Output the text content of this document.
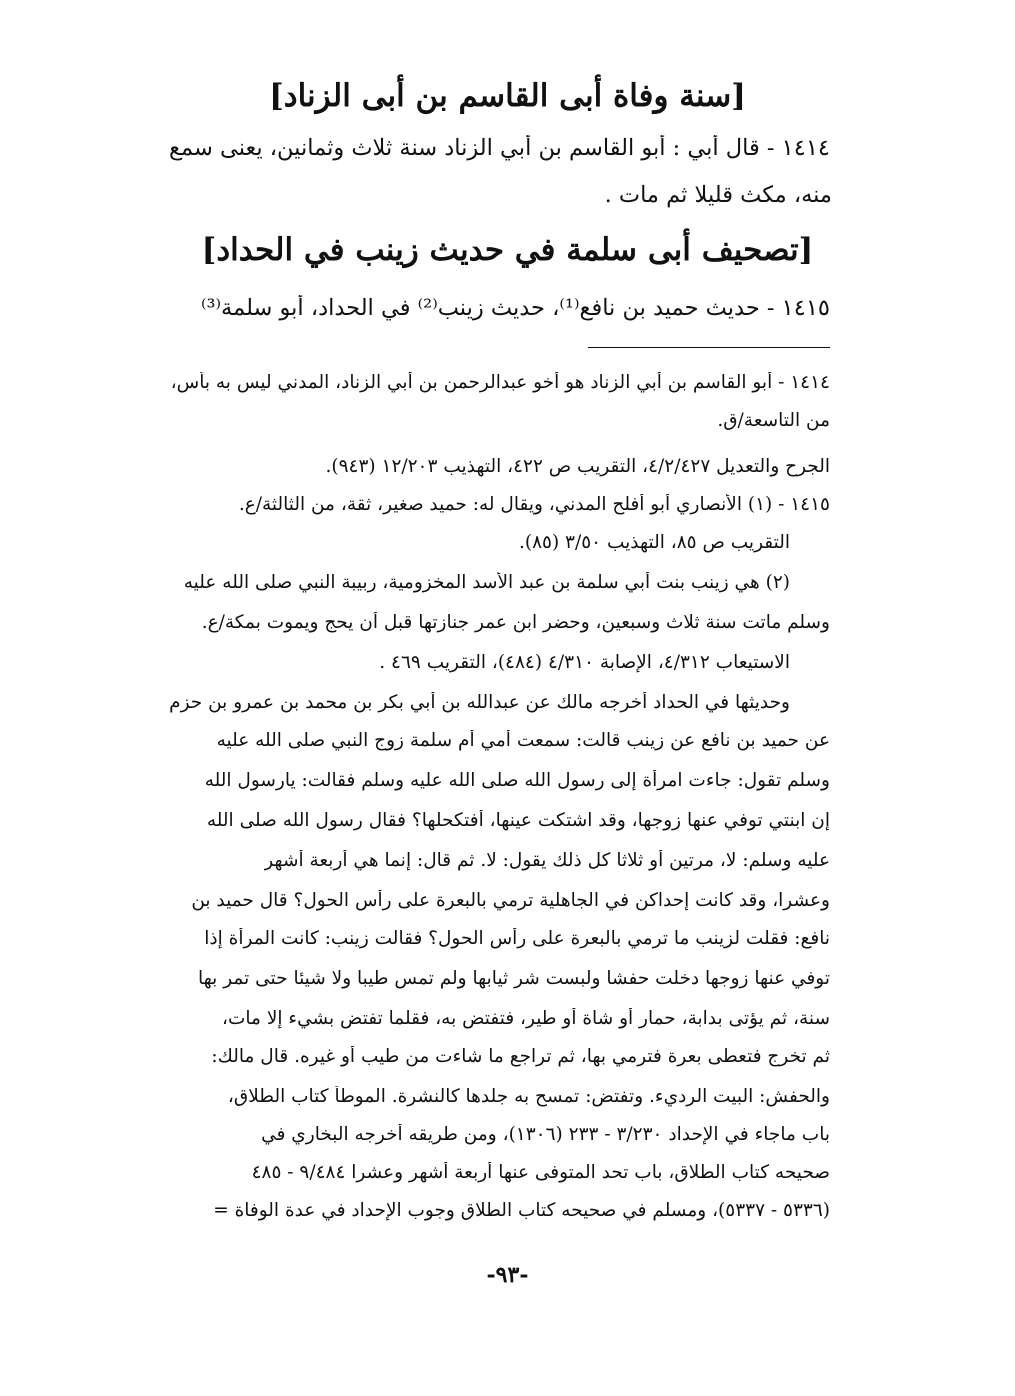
[سنة وفاة أبى القاسم بن أبى الزناد]
١٤١٤ - قال أبي : أبو القاسم بن أبي الزناد سنة ثلاث وثمانين، يعنى سمع
منه، مكث قليلا ثم مات .
[تصحيف أبى سلمة في حديث زينب في الحداد]
١٤١٥ - حديث حميد بن نافع⁽¹⁾، حديث زينب⁽²⁾ في الحداد، أبو سلمة⁽³⁾
١٤١٤ - أبو القاسم بن أبي الزناد هو أخو عبدالرحمن بن أبي الزناد، المدني ليس به بأس،
من التاسعة/ق.
الجرح والتعديل ٤/٢/٤٢٧، التقريب ص ٤٢٢، التهذيب ١٢/٢٠٣ (٩٤٣).
١٤١٥ - (١) الأنصاري أبو أفلح المدني، ويقال له: حميد صغير، ثقة، من الثالثة/ع.
التقريب ص ٨٥، التهذيب ٣/٥٠ (٨٥).
(٢) هي زينب بنت أبي سلمة بن عبد الأسد المخزومية، ربيبة النبي صلى الله عليه
وسلم ماتت سنة ثلاث وسبعين، وحضر ابن عمر جنازتها قبل أن يحج ويموت بمكة/ع.
الاستيعاب ٤/٣١٢، الإصابة ٤/٣١٠ (٤٨٤)، التقريب ٤٦٩ .
وحديثها في الحداد أخرجه مالك عن عبدالله بن أبي بكر بن محمد بن عمرو بن حزم
عن حميد بن نافع عن زينب قالت: سمعت أمي أم سلمة زوج النبي صلى الله عليه
وسلم تقول: جاءت امرأة إلى رسول الله صلى الله عليه وسلم فقالت: يارسول الله
إن ابنتي توفي عنها زوجها، وقد اشتكت عينها، أفتكحلها؟ فقال رسول الله صلى الله
عليه وسلم: لا، مرتين أو ثلاثا كل ذلك يقول: لا. ثم قال: إنما هي أربعة أشهر
وعشرا، وقد كانت إحداكن في الجاهلية ترمي بالبعرة على رأس الحول؟ قال حميد بن
نافع: فقلت لزينب ما ترمي بالبعرة على رأس الحول؟ فقالت زينب: كانت المرأة إذا
توفي عنها زوجها دخلت حفشا ولبست شر ثيابها ولم تمس طيبا ولا شيئا حتى تمر بها
سنة، ثم يؤتى بدابة، حمار أو شاة أو طير، فتفتض به، فقلما تفتض بشيء إلا مات،
ثم تخرج فتعطى بعرة فترمي بها، ثم تراجع ما شاءت من طيب أو غيره. قال مالك:
والحفش: البيت الرديء. وتفتض: تمسح به جلدها كالنشرة. الموطأ كتاب الطلاق،
باب ماجاء في الإحداد ٣/٢٣٠ - ٢٣٣ (١٣٠٦)، ومن طريقه أخرجه البخاري في
صحيحه كتاب الطلاق، باب تحد المتوفى عنها أربعة أشهر وعشرا ٩/٤٨٤ - ٤٨٥
(٥٣٣٦ - ٥٣٣٧)، ومسلم في صحيحه كتاب الطلاق وجوب الإحداد في عدة الوفاة =
-٩٣-
